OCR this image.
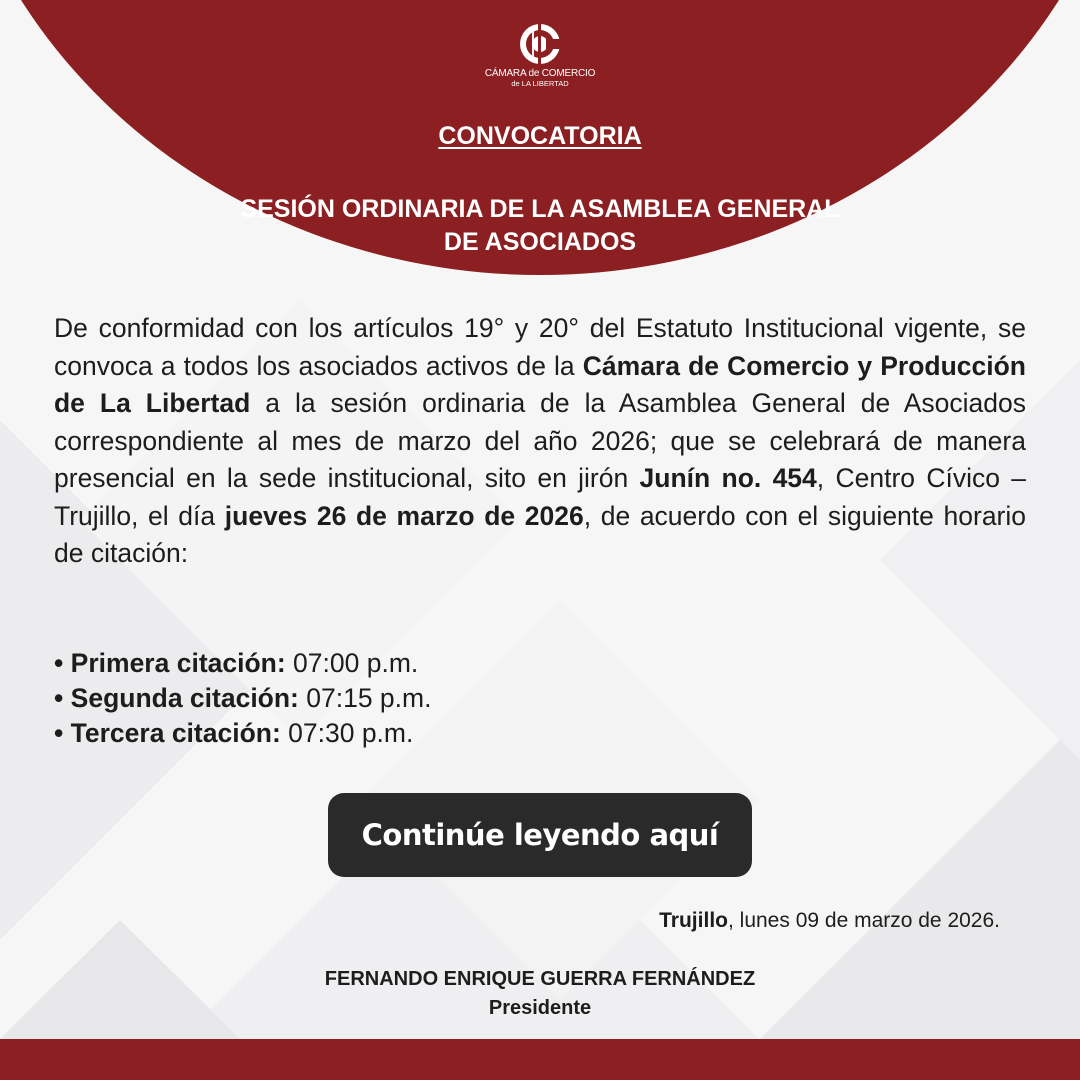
CÁMARA de COMERCIO
de LA LIBERTAD
CONVOCATORIA
SESIÓN ORDINARIA DE LA ASAMBLEA GENERAL
DE ASOCIADOS

De conformidad con los artículos 19° y 20° del Estatuto Institucional vigente, se convoca a todos los asociados activos de la Cámara de Comercio y Producción de La Libertad a la sesión ordinaria de la Asamblea General de Asociados correspondiente al mes de marzo del año 2026; que se celebrará de manera presencial en la sede institucional, sito en jirón Junín no. 454, Centro Cívico – Trujillo, el día jueves 26 de marzo de 2026, de acuerdo con el siguiente horario de citación:

• Primera citación: 07:00 p.m.
• Segunda citación: 07:15 p.m.
• Tercera citación: 07:30 p.m.
Continúe leyendo aquí
Trujillo, lunes 09 de marzo de 2026.
FERNANDO ENRIQUE GUERRA FERNÁNDEZ
Presidente
